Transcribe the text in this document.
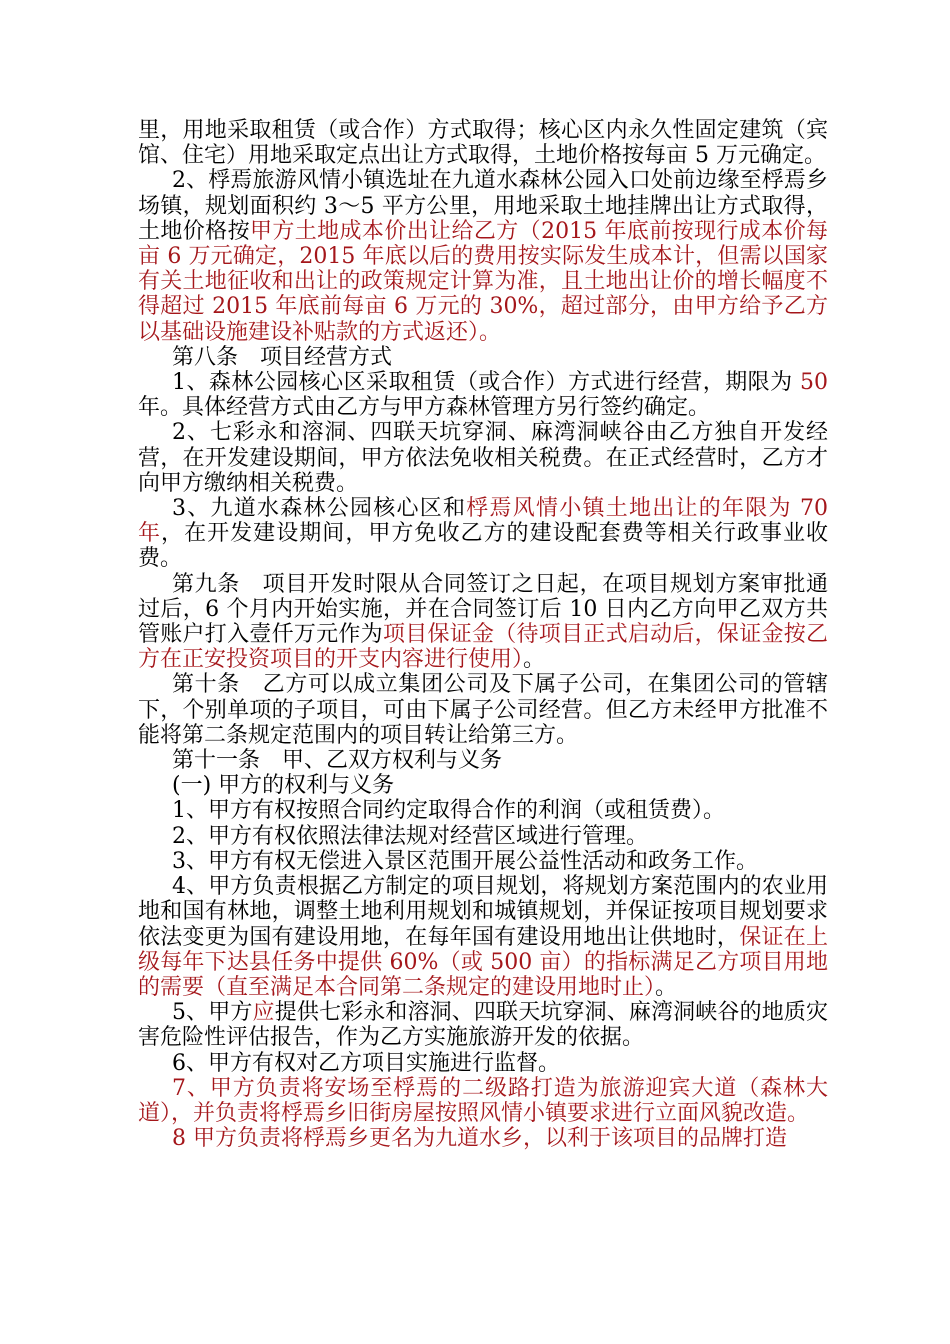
里，用地采取租赁（或合作）方式取得；核心区内永久性固定建筑（宾馆、住宅）用地采取定点出让方式取得，土地价格按每亩 5 万元确定。

2、桴焉旅游风情小镇选址在九道水森林公园入口处前边缘至桴焉乡场镇，规划面积约 3～5 平方公里，用地采取土地挂牌出让方式取得，土地价格按甲方土地成本价出让给乙方（2015 年底前按现行成本价每亩 6 万元确定，2015 年底以后的费用按实际发生成本计，但需以国家有关土地征收和出让的政策规定计算为准，且土地出让价的增长幅度不得超过 2015 年底前每亩 6 万元的 30%，超过部分，由甲方给予乙方以基础设施建设补贴款的方式返还）。

第八条　项目经营方式

1、森林公园核心区采取租赁（或合作）方式进行经营，期限为 50 年。具体经营方式由乙方与甲方森林管理方另行签约确定。

2、七彩永和溶洞、四联天坑穿洞、麻湾洞峡谷由乙方独自开发经营，在开发建设期间，甲方依法免收相关税费。在正式经营时，乙方才向甲方缴纳相关税费。

3、九道水森林公园核心区和桴焉风情小镇土地出让的年限为 70 年，在开发建设期间，甲方免收乙方的建设配套费等相关行政事业收费。

第九条　项目开发时限从合同签订之日起，在项目规划方案审批通过后，6 个月内开始实施，并在合同签订后 10 日内乙方向甲乙双方共管账户打入壹仟万元作为项目保证金（待项目正式启动后，保证金按乙方在正安投资项目的开支内容进行使用）。

第十条　乙方可以成立集团公司及下属子公司，在集团公司的管辖下，个别单项的子项目，可由下属子公司经营。但乙方未经甲方批准不能将第二条规定范围内的项目转让给第三方。

第十一条　甲、乙双方权利与义务

(一) 甲方的权利与义务

1、甲方有权按照合同约定取得合作的利润（或租赁费）。

2、甲方有权依照法律法规对经营区域进行管理。

3、甲方有权无偿进入景区范围开展公益性活动和政务工作。

4、甲方负责根据乙方制定的项目规划，将规划方案范围内的农业用地和国有林地，调整土地利用规划和城镇规划，并保证按项目规划要求依法变更为国有建设用地，在每年国有建设用地出让供地时，保证在上级每年下达县任务中提供 60%（或 500 亩）的指标满足乙方项目用地的需要（直至满足本合同第二条规定的建设用地时止）。

5、甲方应提供七彩永和溶洞、四联天坑穿洞、麻湾洞峡谷的地质灾害危险性评估报告，作为乙方实施旅游开发的依据。

6、甲方有权对乙方项目实施进行监督。

7、甲方负责将安场至桴焉的二级路打造为旅游迎宾大道（森林大道），并负责将桴焉乡旧街房屋按照风情小镇要求进行立面风貌改造。

8 甲方负责将桴焉乡更名为九道水乡，以利于该项目的品牌打造
